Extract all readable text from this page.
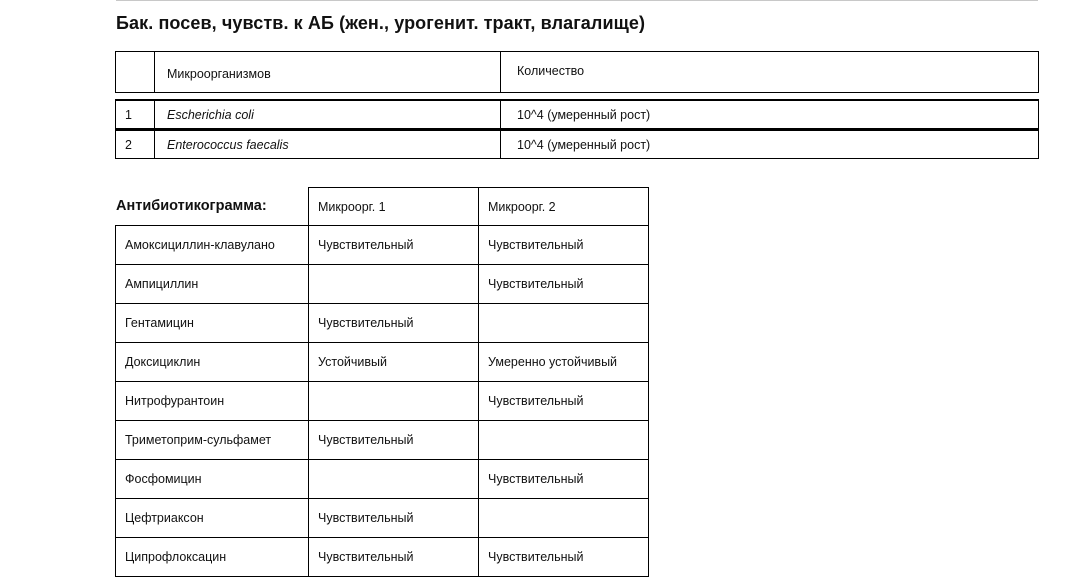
Бак. посев, чувств. к АБ (жен., урогенит. тракт, влагалище)
Микроорганизмов	Количество
1	Escherichia coli	10^4 (умеренный рост)
2	Enterococcus faecalis	10^4 (умеренный рост)
Антибиотикограмма:
		Микроорг. 1	Микроорг. 2
Амоксициллин-клавулано	Чувствительный	Чувствительный
Ампициллин		Чувствительный
Гентамицин	Чувствительный	
Доксициклин	Устойчивый	Умеренно устойчивый
Нитрофурантоин		Чувствительный
Триметоприм-сульфамет	Чувствительный	
Фосфомицин		Чувствительный
Цефтриаксон	Чувствительный	
Ципрофлоксацин	Чувствительный	Чувствительный
